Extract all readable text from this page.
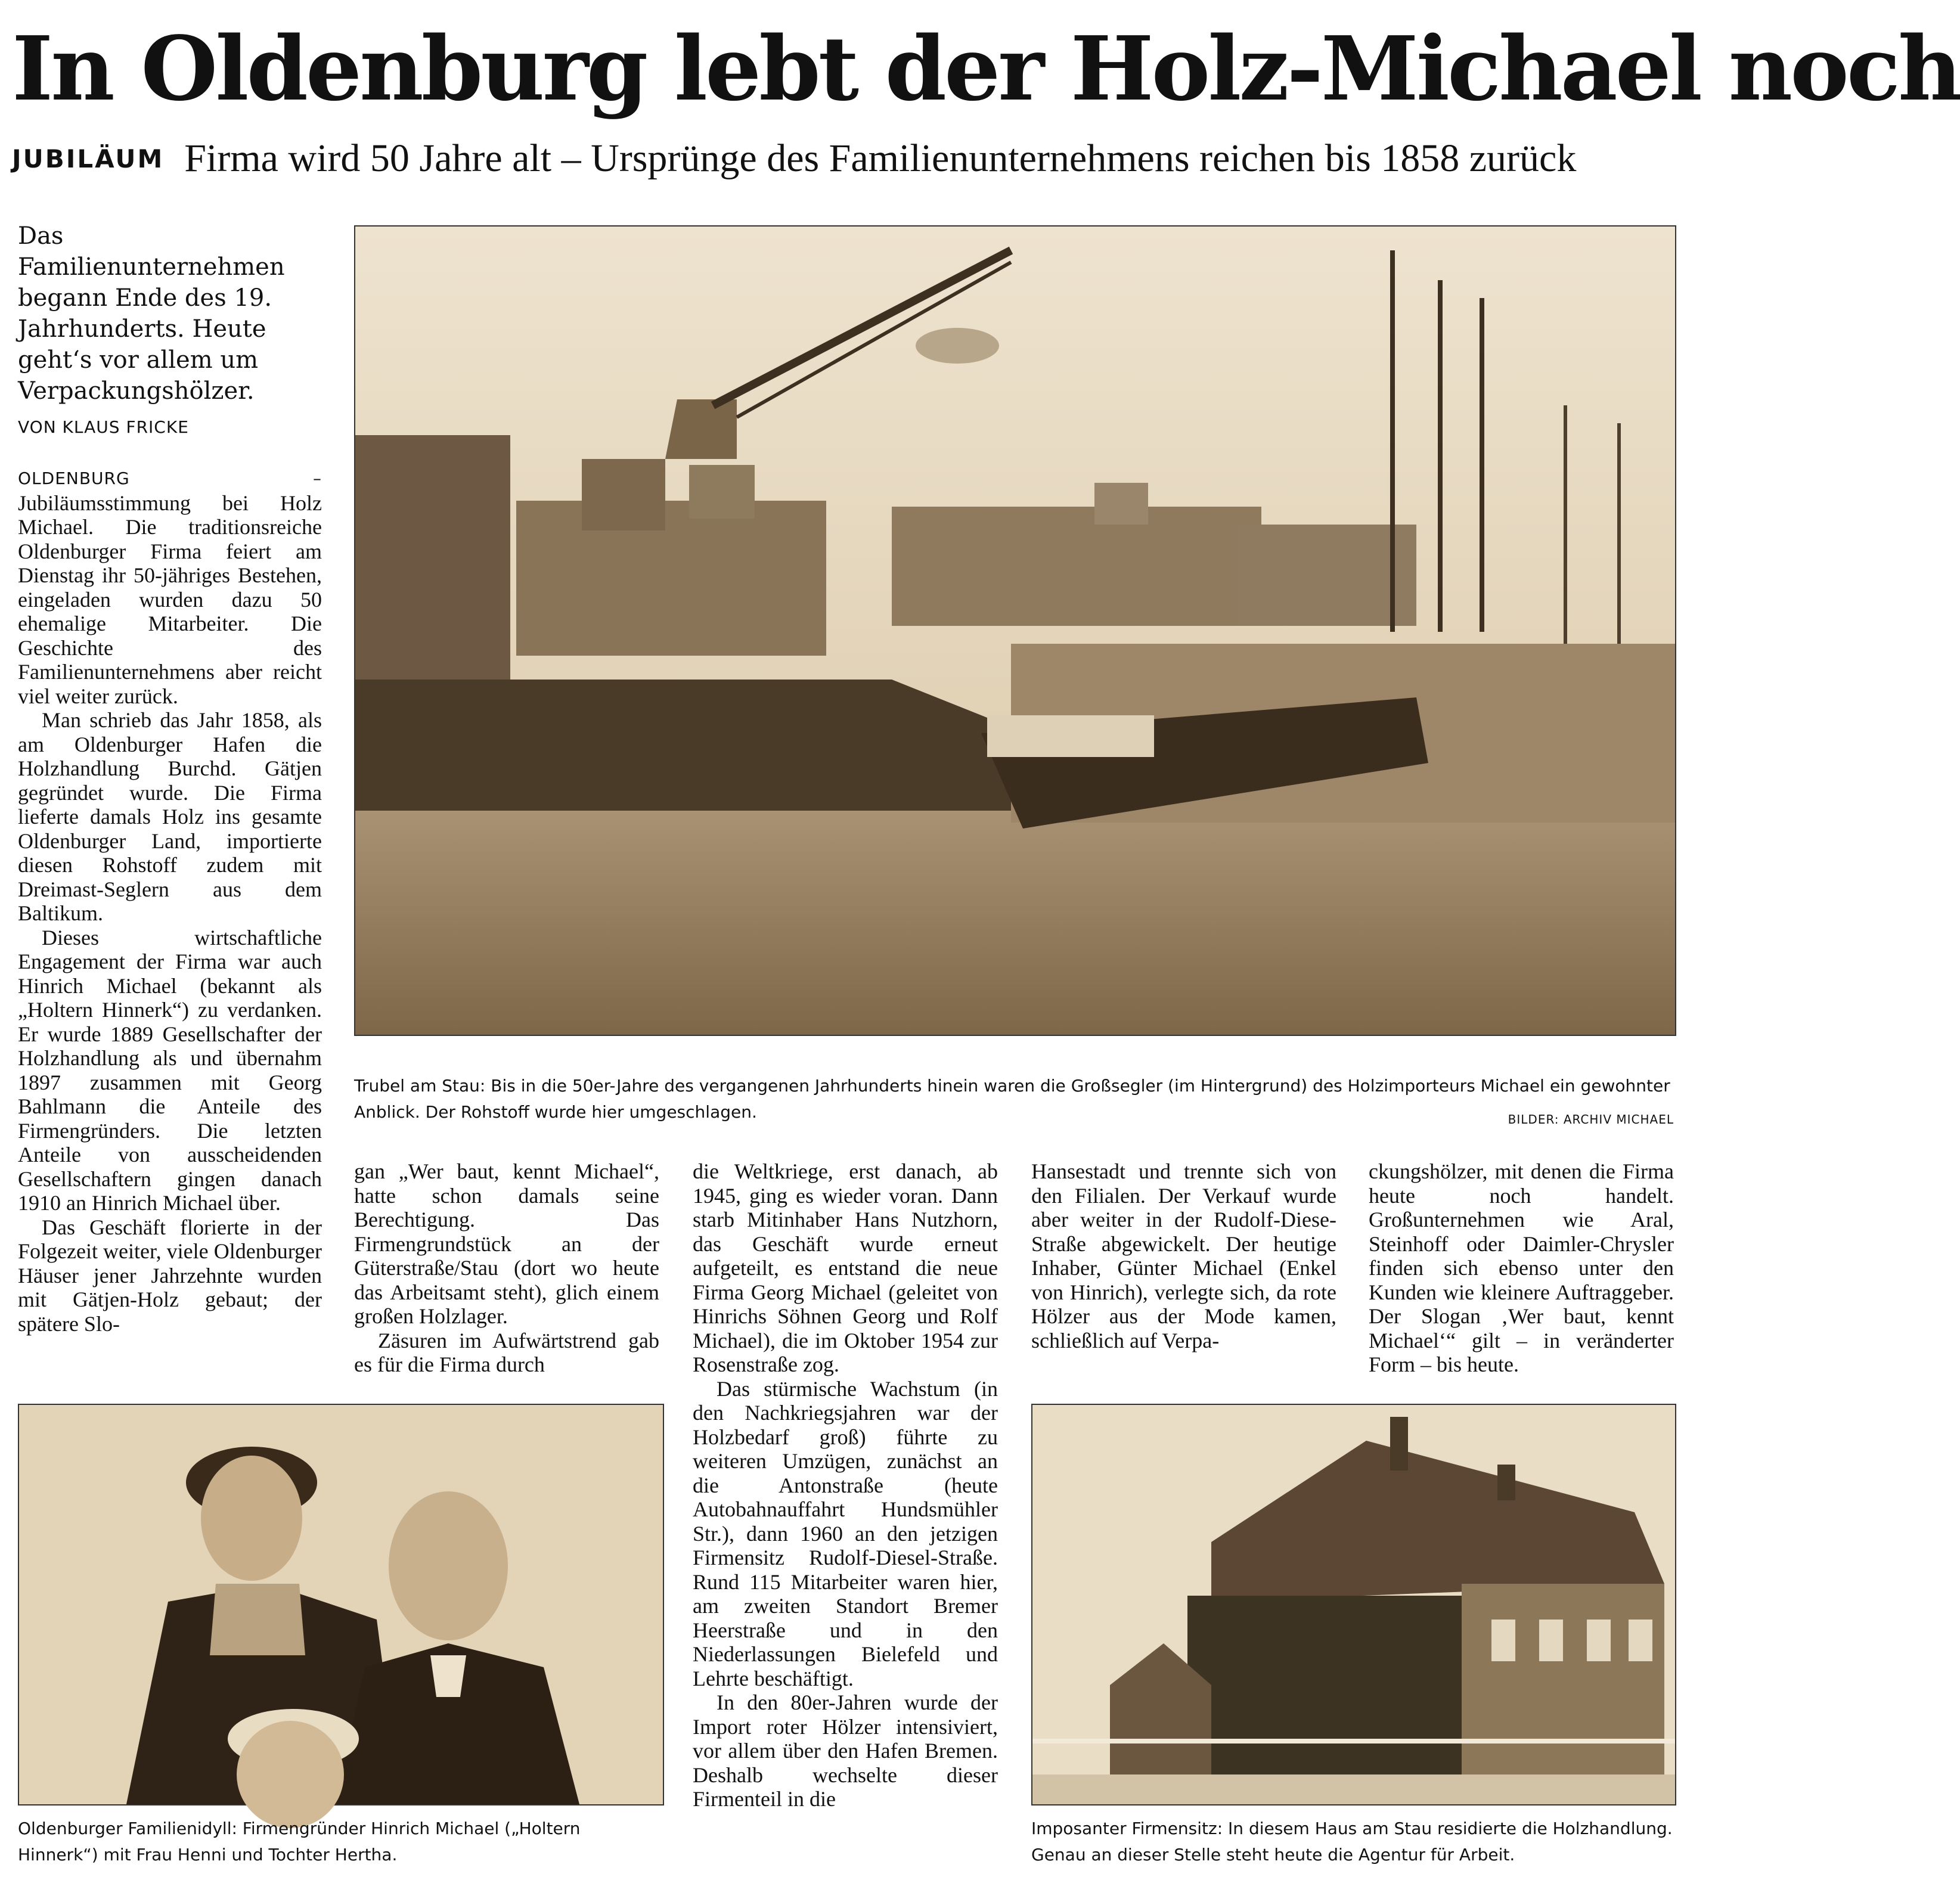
In Oldenburg lebt der Holz-Michael noch
JUBILÄUM Firma wird 50 Jahre alt – Ursprünge des Familienunternehmens reichen bis 1858 zurück
Das Familienunternehmen begann Ende des 19. Jahrhunderts. Heute geht‘s vor allem um Verpackungshölzer.
VON KLAUS FRICKE

OLDENBURG – Jubiläumsstimmung bei Holz Michael. Die traditionsreiche Oldenburger Firma feiert am Dienstag ihr 50-jähriges Bestehen, eingeladen wurden dazu 50 ehemalige Mitarbeiter. Die Geschichte des Familienunternehmens aber reicht viel weiter zurück.

Man schrieb das Jahr 1858, als am Oldenburger Hafen die Holzhandlung Burchd. Gätjen gegründet wurde. Die Firma lieferte damals Holz ins gesamte Oldenburger Land, importierte diesen Rohstoff zudem mit Dreimast-Seglern aus dem Baltikum.

Dieses wirtschaftliche Engagement der Firma war auch Hinrich Michael (bekannt als „Holtern Hinnerk“) zu verdanken. Er wurde 1889 Gesellschafter der Holzhandlung als und übernahm 1897 zusammen mit Georg Bahlmann die Anteile des Firmengründers. Die letzten Anteile von ausscheidenden Gesellschaftern gingen danach 1910 an Hinrich Michael über.

Das Geschäft florierte in der Folgezeit weiter, viele Oldenburger Häuser jener Jahrzehnte wurden mit Gätjen-Holz gebaut; der spätere Slo-

Trubel am Stau: Bis in die 50er-Jahre des vergangenen Jahrhunderts hinein waren die Großsegler (im Hintergrund) des Holzimporteurs Michael ein gewohnter Anblick. Der Rohstoff wurde hier umgeschlagen.	BILDER: ARCHIV MICHAEL

gan „Wer baut, kennt Michael“, hatte schon damals seine Berechtigung. Das Firmengrundstück an der Güterstraße/Stau (dort wo heute das Arbeitsamt steht), glich einem großen Holzlager.

Zäsuren im Aufwärtstrend gab es für die Firma durch

die Weltkriege, erst danach, ab 1945, ging es wieder voran. Dann starb Mitinhaber Hans Nutzhorn, das Geschäft wurde erneut aufgeteilt, es entstand die neue Firma Georg Michael (geleitet von Hinrichs Söhnen Georg und Rolf Michael), die im Oktober 1954 zur Rosenstraße zog.

Das stürmische Wachstum (in den Nachkriegsjahren war der Holzbedarf groß) führte zu weiteren Umzügen, zunächst an die Antonstraße (heute Autobahnauffahrt Hundsmühler Str.), dann 1960 an den jetzigen Firmensitz Rudolf-Diesel-Straße. Rund 115 Mitarbeiter waren hier, am zweiten Standort Bremer Heerstraße und in den Niederlassungen Bielefeld und Lehrte beschäftigt.

In den 80er-Jahren wurde der Import roter Hölzer intensiviert, vor allem über den Hafen Bremen. Deshalb wechselte dieser Firmenteil in die

Hansestadt und trennte sich von den Filialen. Der Verkauf wurde aber weiter in der Rudolf-Diese-Straße abgewickelt. Der heutige Inhaber, Günter Michael (Enkel von Hinrich), verlegte sich, da rote Hölzer aus der Mode kamen, schließlich auf Verpa-

ckungshölzer, mit denen die Firma heute noch handelt. Großunternehmen wie Aral, Steinhoff oder Daimler-Chrysler finden sich ebenso unter den Kunden wie kleinere Auftraggeber. Der Slogan ‚Wer baut, kennt Michael‘“ gilt – in veränderter Form – bis heute.

Oldenburger Familienidyll: Firmengründer Hinrich Michael („Holtern Hinnerk“) mit Frau Henni und Tochter Hertha.
Imposanter Firmensitz: In diesem Haus am Stau residierte die Holzhandlung. Genau an dieser Stelle steht heute die Agentur für Arbeit.
